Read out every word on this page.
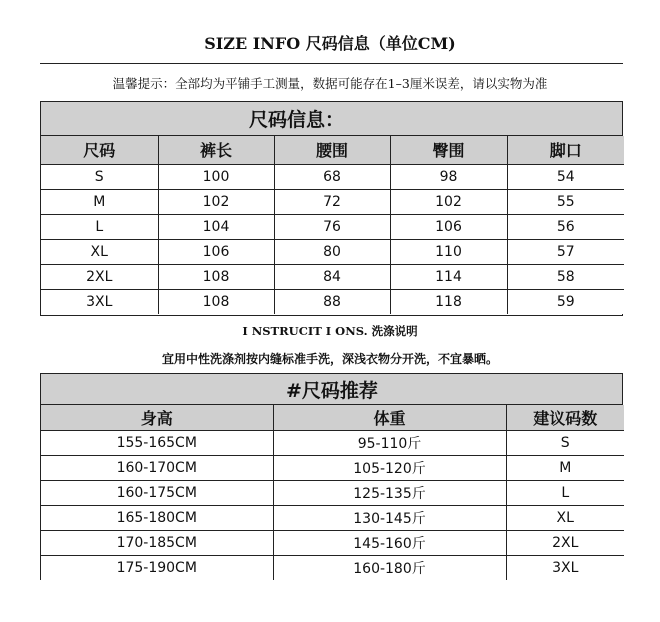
SIZE INFO 尺码信息（单位CM)
温馨提示：全部均为平铺手工测量，数据可能存在1–3厘米误差，请以实物为准
尺码信息：
尺码	裤长	腰围	臀围	脚口
S	100	68	98	54
M	102	72	102	55
L	104	76	106	56
XL	106	80	110	57
2XL	108	84	114	58
3XL	108	88	118	59
I NSTRUCIT I ONS. 洗涤说明
宜用中性洗涤剂按内缝标准手洗，深浅衣物分开洗，不宜暴晒。
#尺码推荐
身高	体重	建议码数
155-165CM	95-110斤	S
160-170CM	105-120斤	M
160-175CM	125-135斤	L
165-180CM	130-145斤	XL
170-185CM	145-160斤	2XL
175-190CM	160-180斤	3XL
